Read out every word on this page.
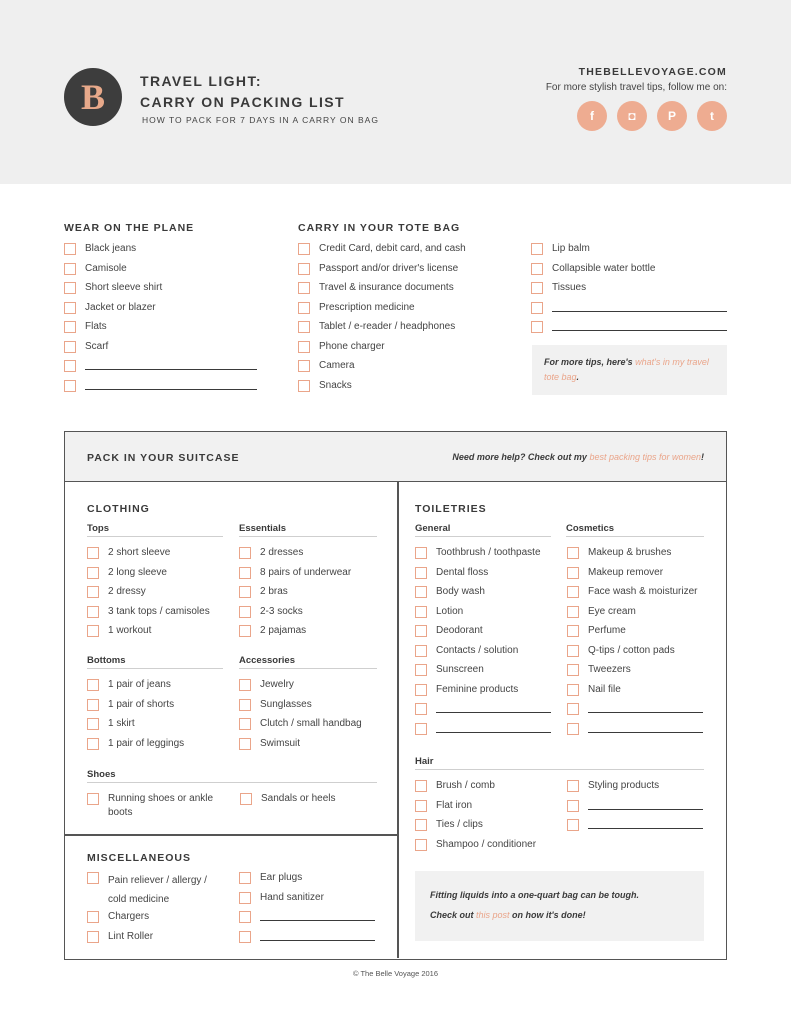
B	TRAVEL LIGHT:
CARRY ON PACKING LIST
HOW TO PACK FOR 7 DAYS IN A CARRY ON BAG
THEBELLEVOYAGE.COM
For more stylish travel tips, follow me on:
f	◘	P	t
WEAR ON THE PLANE
Black jeans
Camisole
Short sleeve shirt
Jacket or blazer
Flats
Scarf
CARRY IN YOUR TOTE BAG
Credit Card, debit card, and cash
Passport and/or driver's license
Travel & insurance documents
Prescription medicine
Tablet / e-reader / headphones
Phone charger
Camera
Snacks
Lip balm
Collapsible water bottle
Tissues
For more tips, here's what's in my travel tote bag.
PACK IN YOUR SUITCASE	Need more help? Check out my best packing tips for women!
CLOTHING
Tops	Essentials
Bottoms	Accessories
Shoes
MISCELLANEOUS
TOILETRIES
General	Cosmetics
Hair
Fitting liquids into a one-quart bag can be tough.
Check out this post on how it's done!
2 short sleeve
2 long sleeve
2 dressy
3 tank tops / camisoles
1 workout
2 dresses
8 pairs of underwear
2 bras
2-3 socks
2 pajamas
1 pair of jeans
1 pair of shorts
1 skirt
1 pair of leggings
Jewelry
Sunglasses
Clutch / small handbag
Swimsuit
Running shoes or ankle boots
Sandals or heels
Pain reliever / allergy / cold medicine
Chargers
Lint Roller
Ear plugs
Hand sanitizer
Toothbrush / toothpaste
Dental floss
Body wash
Lotion
Deodorant
Contacts / solution
Sunscreen
Feminine products
Makeup & brushes
Makeup remover
Face wash & moisturizer
Eye cream
Perfume
Q-tips / cotton pads
Tweezers
Nail file
Brush / comb
Flat iron
Ties / clips
Shampoo / conditioner
Styling products
© The Belle Voyage 2016
